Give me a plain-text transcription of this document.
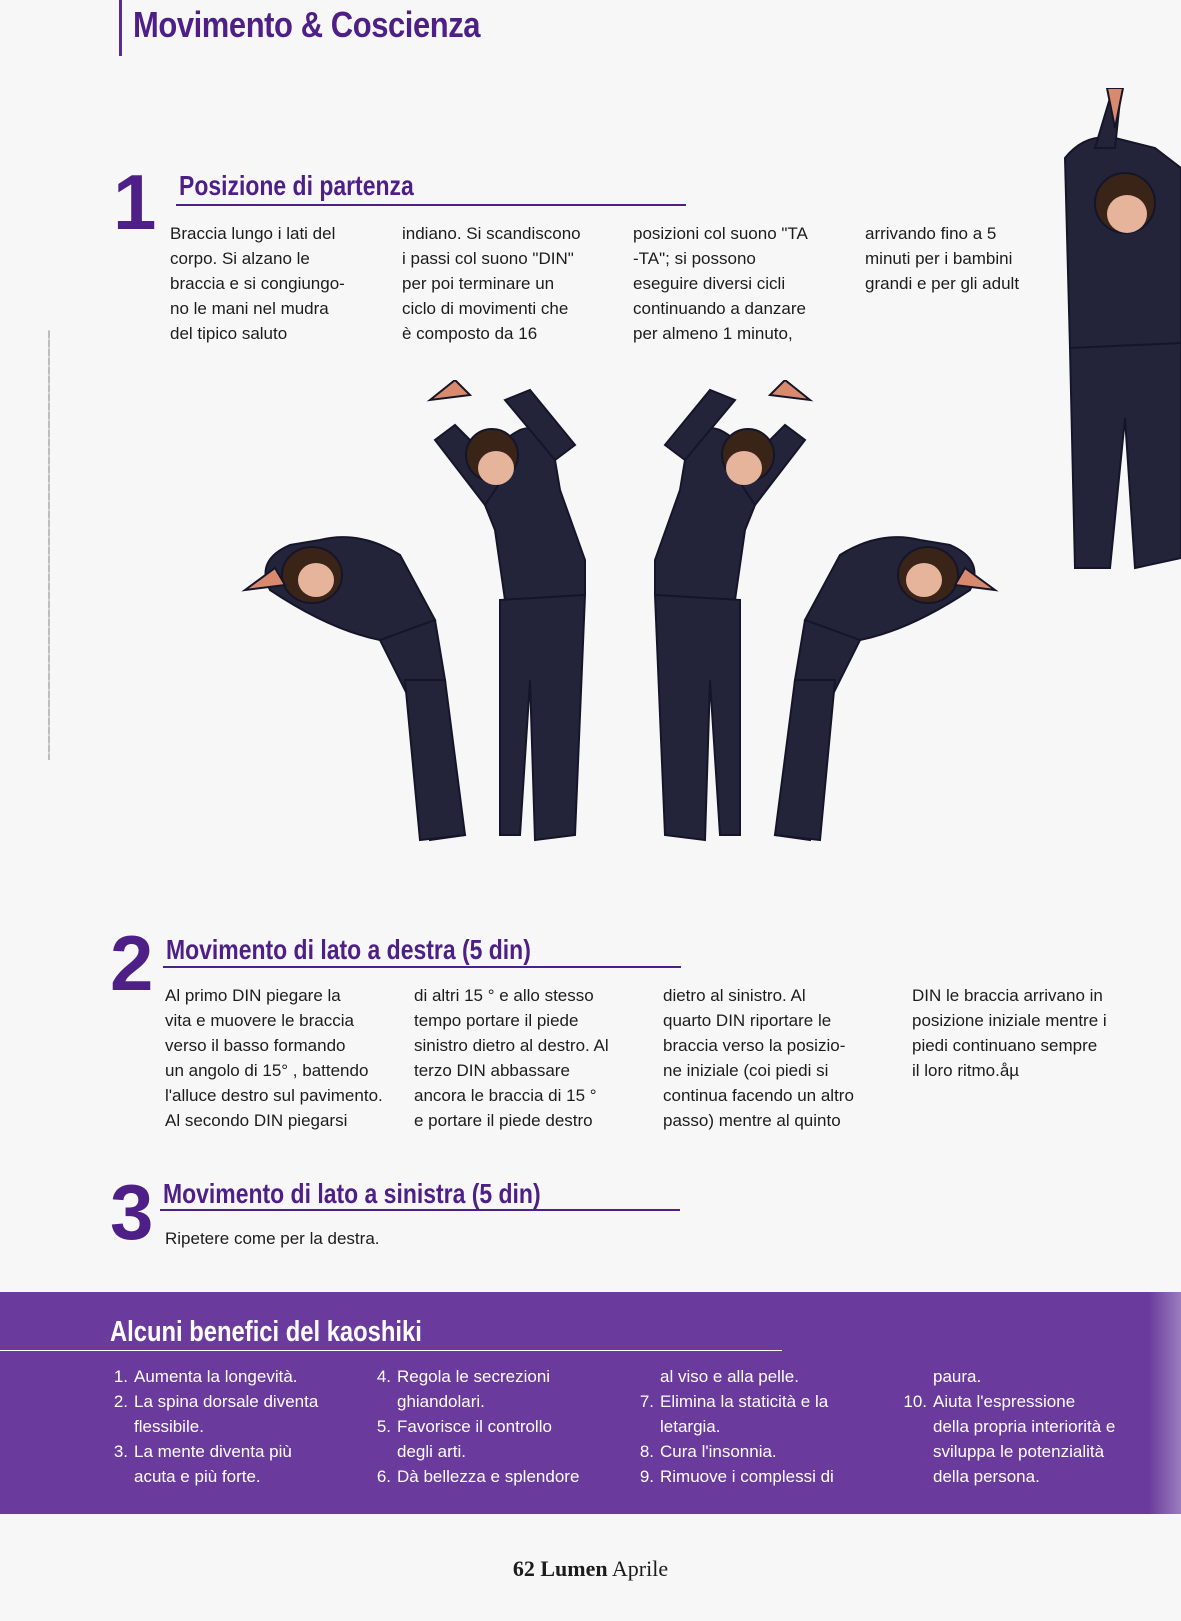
Movimento & Coscienza
1 Posizione di partenza
Braccia lungo i lati del
corpo. Si alzano le
braccia e si congiungo-
no le mani nel mudra
del tipico saluto
indiano. Si scandiscono
i passi col suono "DIN"
per poi terminare un
ciclo di movimenti che
è composto da 16
posizioni col suono "TA
-TA"; si possono
eseguire diversi cicli
continuando a danzare
per almeno 1 minuto,
arrivando fino a 5
minuti per i bambini
grandi e per gli adult
2 Movimento di lato a destra (5 din)
Al primo DIN piegare la
vita e muovere le braccia
verso il basso formando
un angolo di 15° , battendo
l'alluce destro sul pavimento.
Al secondo DIN piegarsi
di altri 15 ° e allo stesso
tempo portare il piede
sinistro dietro al destro. Al
terzo DIN abbassare
ancora le braccia di 15 °
e portare il piede destro
dietro al sinistro. Al
quarto DIN riportare le
braccia verso la posizio-
ne iniziale (coi piedi si
continua facendo un altro
passo) mentre al quinto
DIN le braccia arrivano in
posizione iniziale mentre i
piedi continuano sempre
il loro ritmo.åµ
3 Movimento di lato a sinistra (5 din)
Ripetere come per la destra.
Alcuni benefici del kaoshiki
1. Aumenta la longevità.
2. La spina dorsale diventa
flessibile.
3. La mente diventa più
acuta e più forte.
4. Regola le secrezioni
ghiandolari.
5. Favorisce il controllo
degli arti.
6. Dà bellezza e splendore
al viso e alla pelle.
7. Elimina la staticità e la
letargia.
8. Cura l'insonnia.
9. Rimuove i complessi di
paura.
10. Aiuta l'espressione
della propria interiorità e
sviluppa le potenzialità
della persona.
62 Lumen Aprile
